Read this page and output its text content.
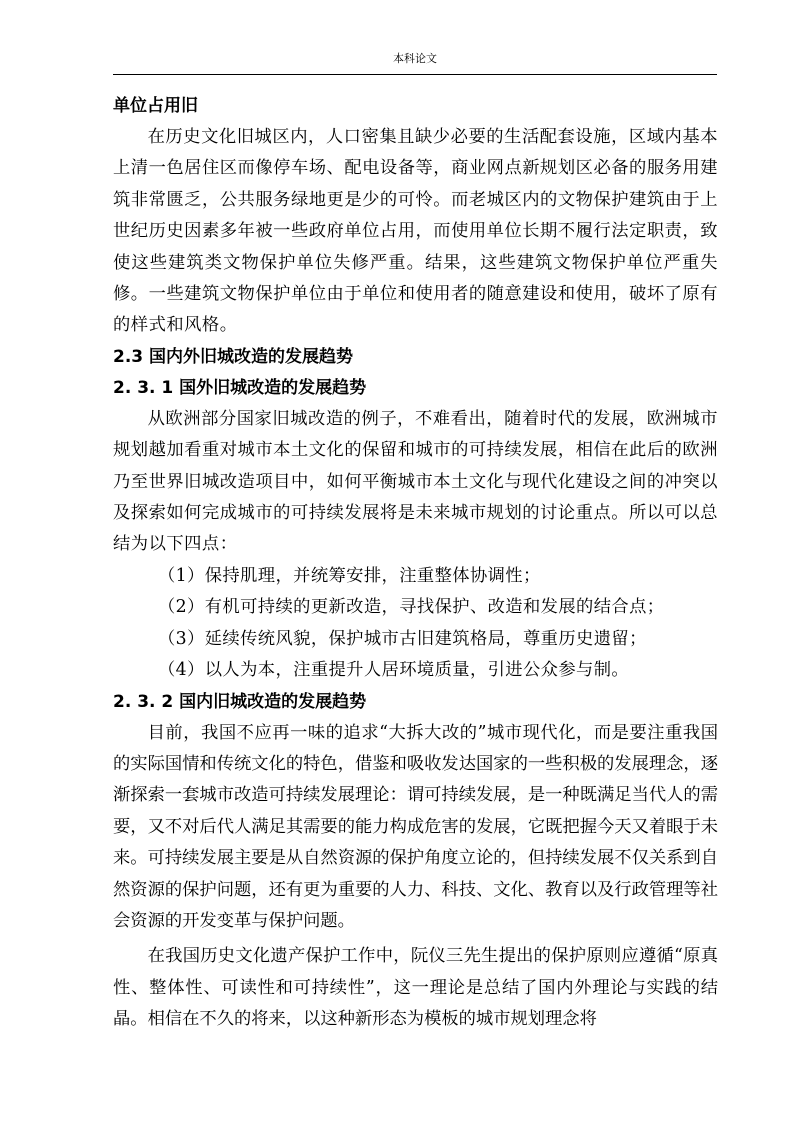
本科论文
单位占用旧

在历史文化旧城区内，人口密集且缺少必要的生活配套设施，区域内基本上清一色居住区而像停车场、配电设备等，商业网点新规划区必备的服务用建筑非常匮乏，公共服务绿地更是少的可怜。而老城区内的文物保护建筑由于上世纪历史因素多年被一些政府单位占用，而使用单位长期不履行法定职责，致使这些建筑类文物保护单位失修严重。结果，这些建筑文物保护单位严重失修。一些建筑文物保护单位由于单位和使用者的随意建设和使用，破坏了原有的样式和风格。

2.3 国内外旧城改造的发展趋势
2. 3. 1 国外旧城改造的发展趋势

从欧洲部分国家旧城改造的例子，不难看出，随着时代的发展，欧洲城市规划越加看重对城市本土文化的保留和城市的可持续发展，相信在此后的欧洲乃至世界旧城改造项目中，如何平衡城市本土文化与现代化建设之间的冲突以及探索如何完成城市的可持续发展将是未来城市规划的讨论重点。所以可以总结为以下四点：

（1）保持肌理，并统筹安排，注重整体协调性；

（2）有机可持续的更新改造，寻找保护、改造和发展的结合点；

（3）延续传统风貌，保护城市古旧建筑格局，尊重历史遗留；

（4）以人为本，注重提升人居环境质量，引进公众参与制。

2. 3. 2 国内旧城改造的发展趋势

目前，我国不应再一味的追求“大拆大改的”城市现代化，而是要注重我国的实际国情和传统文化的特色，借鉴和吸收发达国家的一些积极的发展理念，逐渐探索一套城市改造可持续发展理论：谓可持续发展，是一种既满足当代人的需要，又不对后代人满足其需要的能力构成危害的发展，它既把握今天又着眼于未来。可持续发展主要是从自然资源的保护角度立论的，但持续发展不仅关系到自然资源的保护问题，还有更为重要的人力、科技、文化、教育以及行政管理等社会资源的开发变革与保护问题。

在我国历史文化遗产保护工作中，阮仪三先生提出的保护原则应遵循“原真性、整体性、可读性和可持续性”，这一理论是总结了国内外理论与实践的结晶。相信在不久的将来，以这种新形态为模板的城市规划理念将
